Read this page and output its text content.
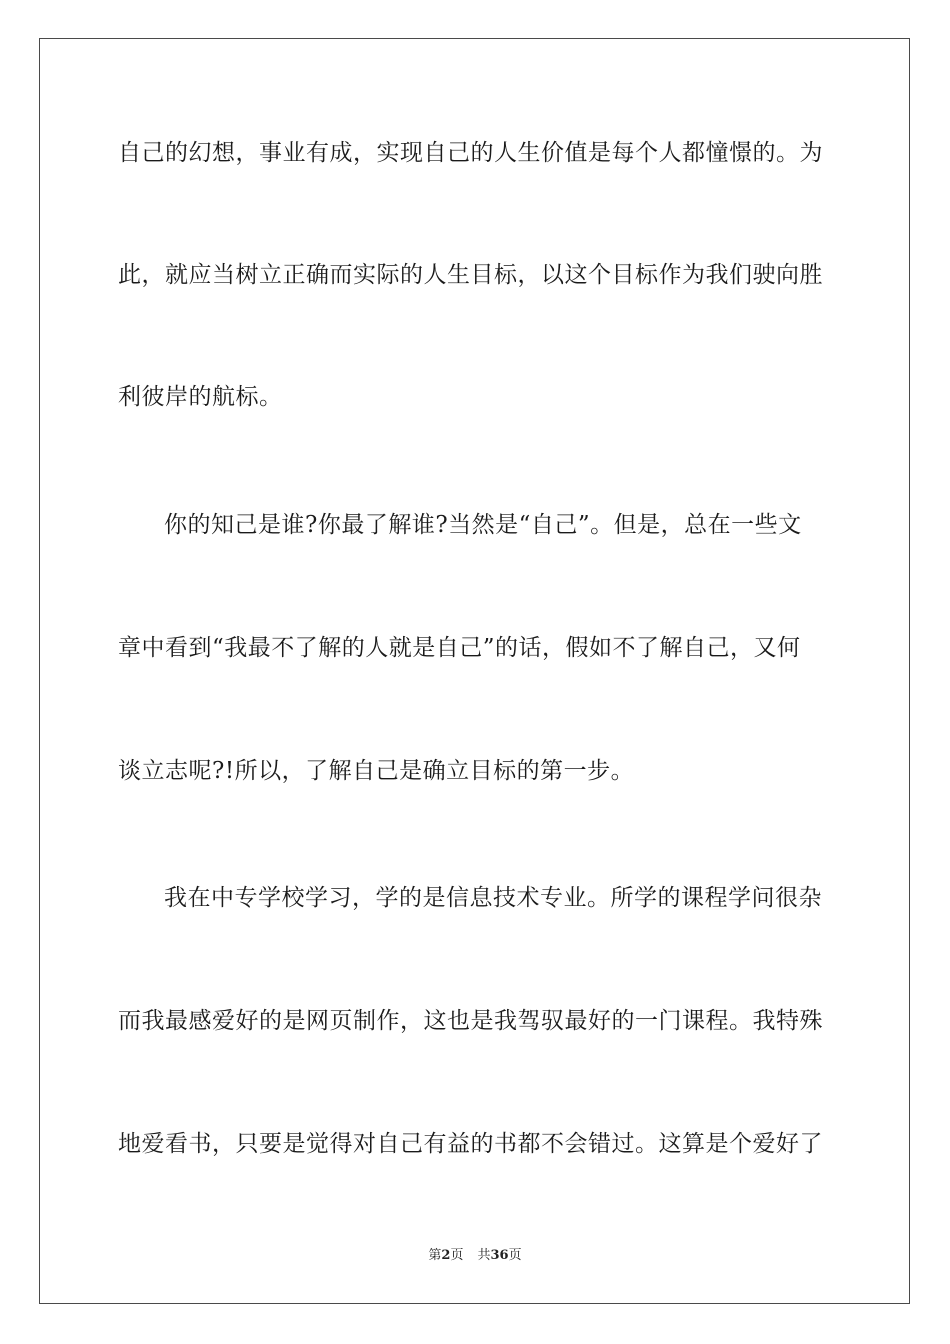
自己的幻想，事业有成，实现自己的人生价值是每个人都憧憬的。为
此，就应当树立正确而实际的人生目标，以这个目标作为我们驶向胜
利彼岸的航标。
你的知己是谁?你最了解谁?当然是“自己”。但是，总在一些文
章中看到“我最不了解的人就是自己”的话，假如不了解自己，又何
谈立志呢?!所以，了解自己是确立目标的第一步。
我在中专学校学习，学的是信息技术专业。所学的课程学问很杂
而我最感爱好的是网页制作，这也是我驾驭最好的一门课程。我特殊
地爱看书，只要是觉得对自己有益的书都不会错过。这算是个爱好了
第2页 共36页
